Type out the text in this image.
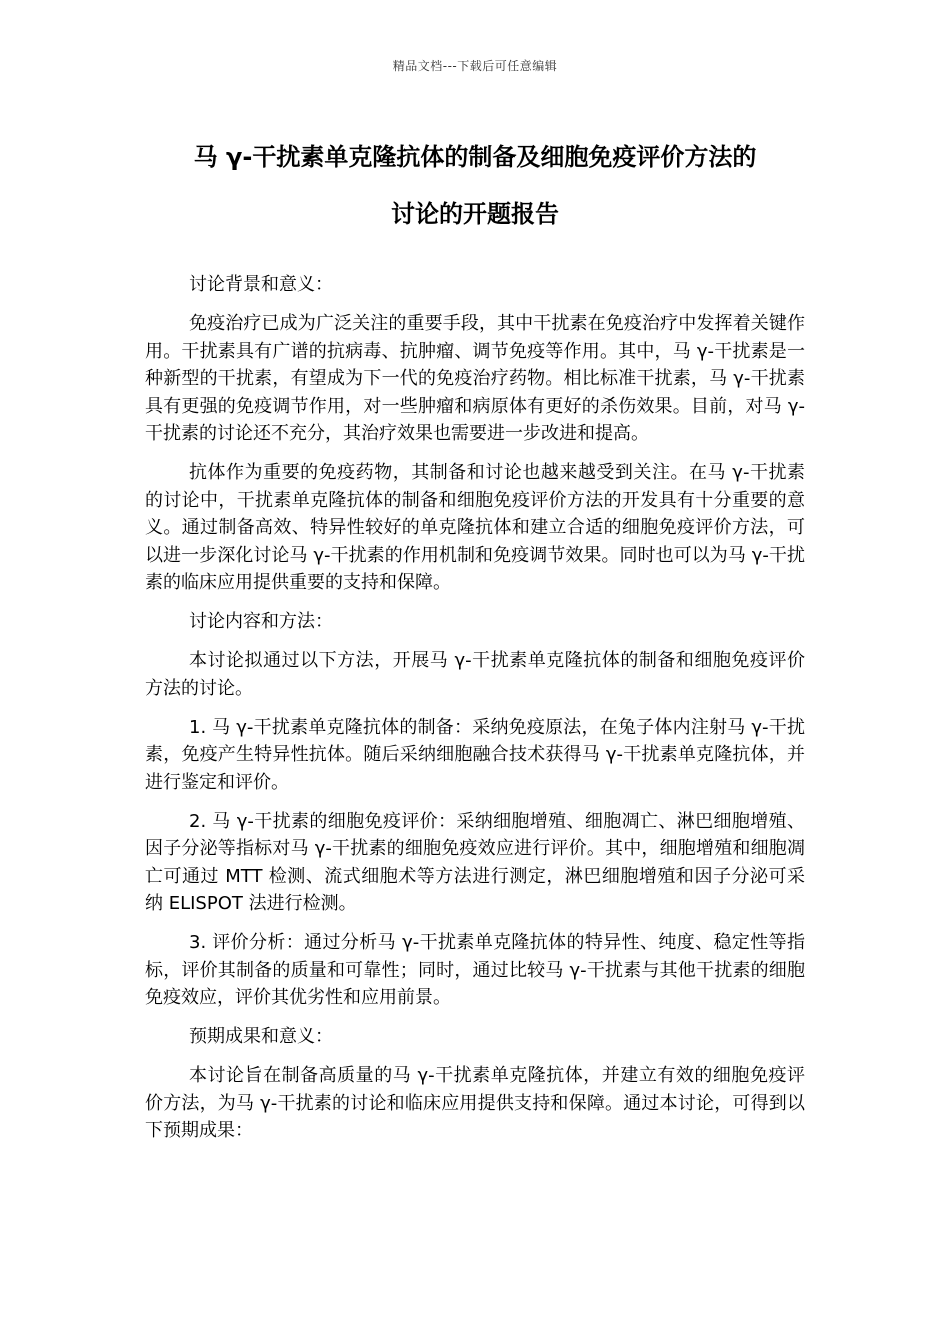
精品文档---下载后可任意编辑
马 γ-干扰素单克隆抗体的制备及细胞免疫评价方法的
讨论的开题报告

讨论背景和意义：

免疫治疗已成为广泛关注的重要手段，其中干扰素在免疫治疗中发挥着关键作用。干扰素具有广谱的抗病毒、抗肿瘤、调节免疫等作用。其中，马 γ-干扰素是一种新型的干扰素，有望成为下一代的免疫治疗药物。相比标准干扰素，马 γ-干扰素具有更强的免疫调节作用，对一些肿瘤和病原体有更好的杀伤效果。目前，对马 γ-干扰素的讨论还不充分，其治疗效果也需要进一步改进和提高。

抗体作为重要的免疫药物，其制备和讨论也越来越受到关注。在马 γ-干扰素的讨论中，干扰素单克隆抗体的制备和细胞免疫评价方法的开发具有十分重要的意义。通过制备高效、特异性较好的单克隆抗体和建立合适的细胞免疫评价方法，可以进一步深化讨论马 γ-干扰素的作用机制和免疫调节效果。同时也可以为马 γ-干扰素的临床应用提供重要的支持和保障。

讨论内容和方法：

本讨论拟通过以下方法，开展马 γ-干扰素单克隆抗体的制备和细胞免疫评价方法的讨论。

1. 马 γ-干扰素单克隆抗体的制备：采纳免疫原法，在兔子体内注射马 γ-干扰素，免疫产生特异性抗体。随后采纳细胞融合技术获得马 γ-干扰素单克隆抗体，并进行鉴定和评价。

2. 马 γ-干扰素的细胞免疫评价：采纳细胞增殖、细胞凋亡、淋巴细胞增殖、因子分泌等指标对马 γ-干扰素的细胞免疫效应进行评价。其中，细胞增殖和细胞凋亡可通过 MTT 检测、流式细胞术等方法进行测定，淋巴细胞增殖和因子分泌可采纳 ELISPOT 法进行检测。

3. 评价分析：通过分析马 γ-干扰素单克隆抗体的特异性、纯度、稳定性等指标，评价其制备的质量和可靠性；同时，通过比较马 γ-干扰素与其他干扰素的细胞免疫效应，评价其优劣性和应用前景。

预期成果和意义：

本讨论旨在制备高质量的马 γ-干扰素单克隆抗体，并建立有效的细胞免疫评价方法，为马 γ-干扰素的讨论和临床应用提供支持和保障。通过本讨论，可得到以下预期成果：
